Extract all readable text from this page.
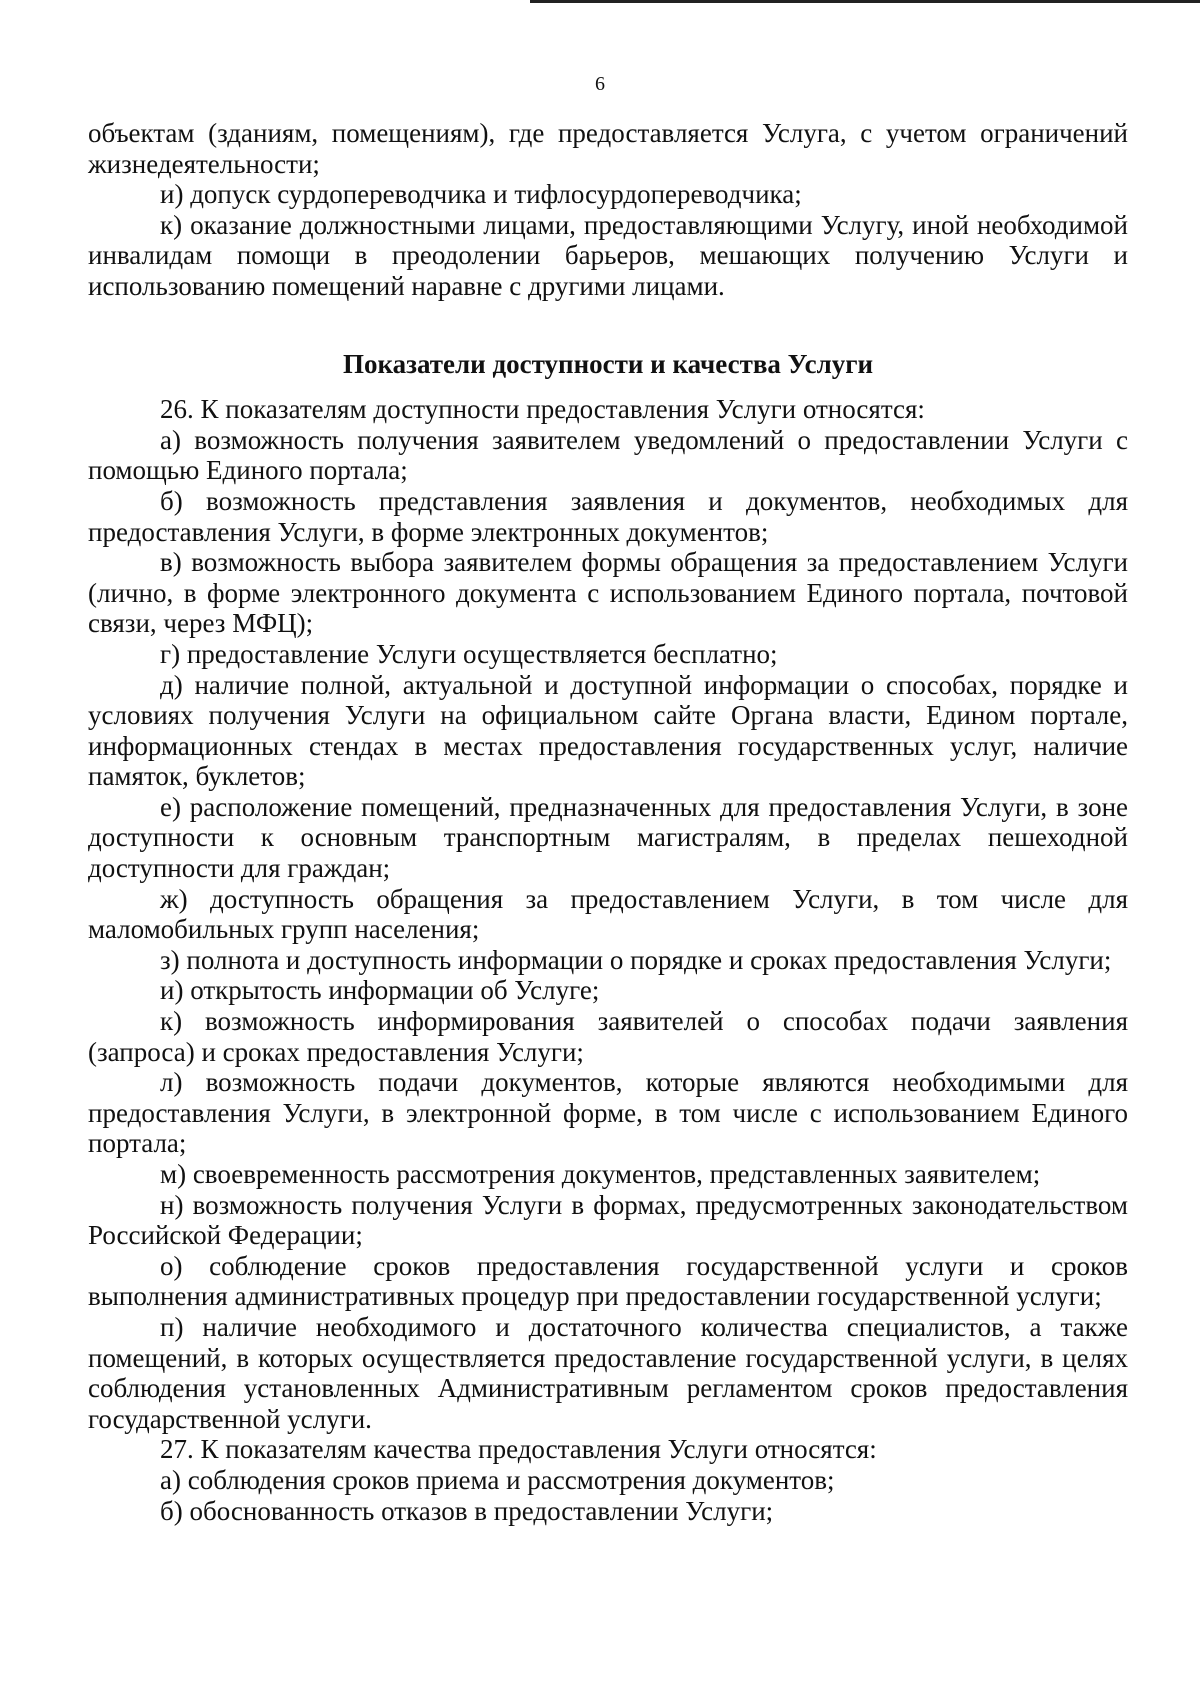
6

объектам (зданиям, помещениям), где предоставляется Услуга, с учетом ограничений жизнедеятельности;

и) допуск сурдопереводчика и тифлосурдопереводчика;

к) оказание должностными лицами, предоставляющими Услугу, иной необходимой инвалидам помощи в преодолении барьеров, мешающих получению Услуги и использованию помещений наравне с другими лицами.

Показатели доступности и качества Услуги

26. К показателям доступности предоставления Услуги относятся:

а) возможность получения заявителем уведомлений о предоставлении Услуги с помощью Единого портала;

б) возможность представления заявления и документов, необходимых для предоставления Услуги, в форме электронных документов;

в) возможность выбора заявителем формы обращения за предоставлением Услуги (лично, в форме электронного документа с использованием Единого портала, почтовой связи, через МФЦ);

г) предоставление Услуги осуществляется бесплатно;

д) наличие полной, актуальной и доступной информации о способах, порядке и условиях получения Услуги на официальном сайте Органа власти, Едином портале, информационных стендах в местах предоставления государственных услуг, наличие памяток, буклетов;

е) расположение помещений, предназначенных для предоставления Услуги, в зоне доступности к основным транспортным магистралям, в пределах пешеходной доступности для граждан;

ж) доступность обращения за предоставлением Услуги, в том числе для маломобильных групп населения;

з) полнота и доступность информации о порядке и сроках предоставления Услуги;

и) открытость информации об Услуге;

к) возможность информирования заявителей о способах подачи заявления (запроса) и сроках предоставления Услуги;

л) возможность подачи документов, которые являются необходимыми для предоставления Услуги, в электронной форме, в том числе с использованием Единого портала;

м) своевременность рассмотрения документов, представленных заявителем;

н) возможность получения Услуги в формах, предусмотренных законодательством Российской Федерации;

о) соблюдение сроков предоставления государственной услуги и сроков выполнения административных процедур при предоставлении государственной услуги;

п) наличие необходимого и достаточного количества специалистов, а также помещений, в которых осуществляется предоставление государственной услуги, в целях соблюдения установленных Административным регламентом сроков предоставления государственной услуги.

27. К показателям качества предоставления Услуги относятся:

а) соблюдения сроков приема и рассмотрения документов;

б) обоснованность отказов в предоставлении Услуги;
